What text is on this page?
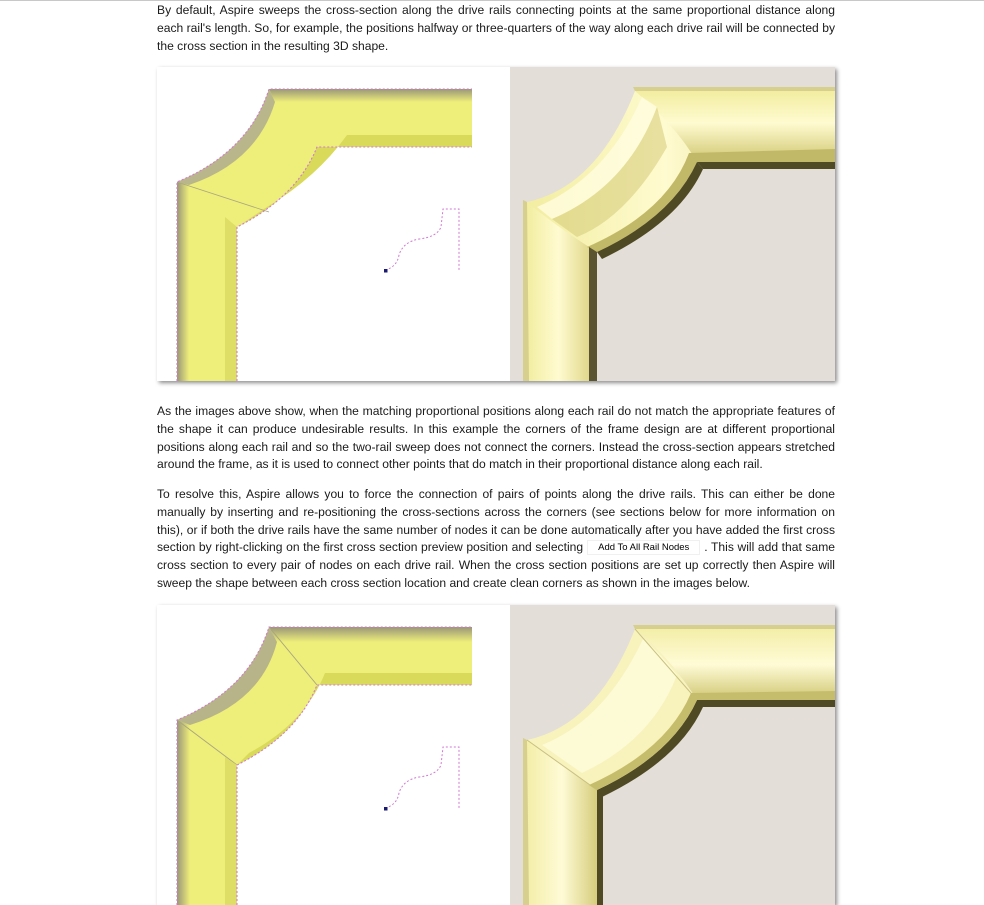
By default, Aspire sweeps the cross-section along the drive rails connecting points at the same proportional distance along each rail's length. So, for example, the positions halfway or three-quarters of the way along each drive rail will be connected by the cross section in the resulting 3D shape.

As the images above show, when the matching proportional positions along each rail do not match the appropriate features of the shape it can produce undesirable results. In this example the corners of the frame design are at different proportional positions along each rail and so the two-rail sweep does not connect the corners. Instead the cross-section appears stretched around the frame, as it is used to connect other points that do match in their proportional distance along each rail.

To resolve this, Aspire allows you to force the connection of pairs of points along the drive rails. This can either be done manually by inserting and re-positioning the cross-sections across the corners (see sections below for more information on this), or if both the drive rails have the same number of nodes it can be done automatically after you have added the first cross section by right-clicking on the first cross section preview position and selecting Add To All Rail Nodes . This will add that same cross section to every pair of nodes on each drive rail. When the cross section positions are set up correctly then Aspire will sweep the shape between each cross section location and create clean corners as shown in the images below.
